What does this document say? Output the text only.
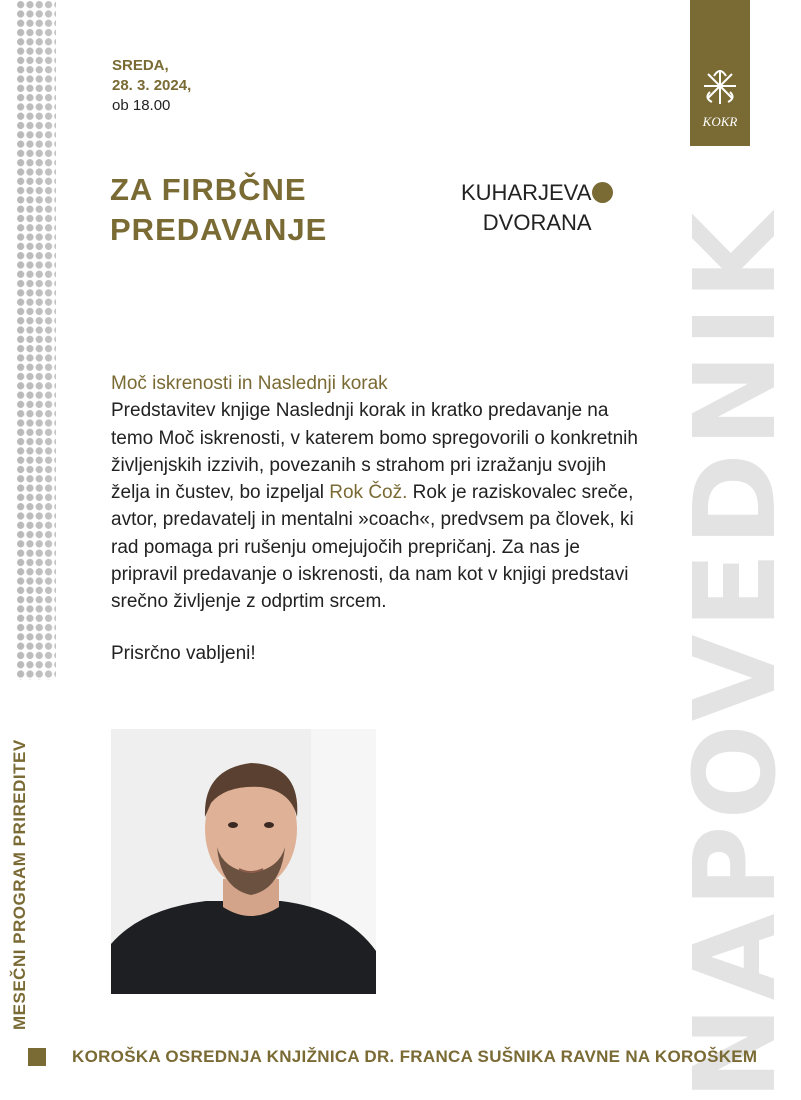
NAPOVEDNIK
KOKR
SREDA,
28. 3. 2024,
ob 18.00
ZA FIRBČNE
PREDAVANJE
KUHARJEVA
DVORANA
Moč iskrenosti in Naslednji korak
Predstavitev knjige Naslednji korak in kratko predavanje na temo Moč iskrenosti, v katerem bomo spregovorili o konkretnih življenjskih izzivih, povezanih s strahom pri izražanju svojih želja in čustev, bo izpeljal Rok Čož. Rok je raziskovalec sreče, avtor, predavatelj in mentalni »coach«, predvsem pa človek, ki rad pomaga pri rušenju omejujočih prepričanj. Za nas je pripravil predavanje o iskrenosti, da nam kot v knjigi predstavi srečno življenje z odprtim srcem.
Prisrčno vabljeni!
MESEČNI PROGRAM PRIREDITEV
KOROŠKA OSREDNJA KNJIŽNICA DR. FRANCA SUŠNIKA RAVNE NA KOROŠKEM
